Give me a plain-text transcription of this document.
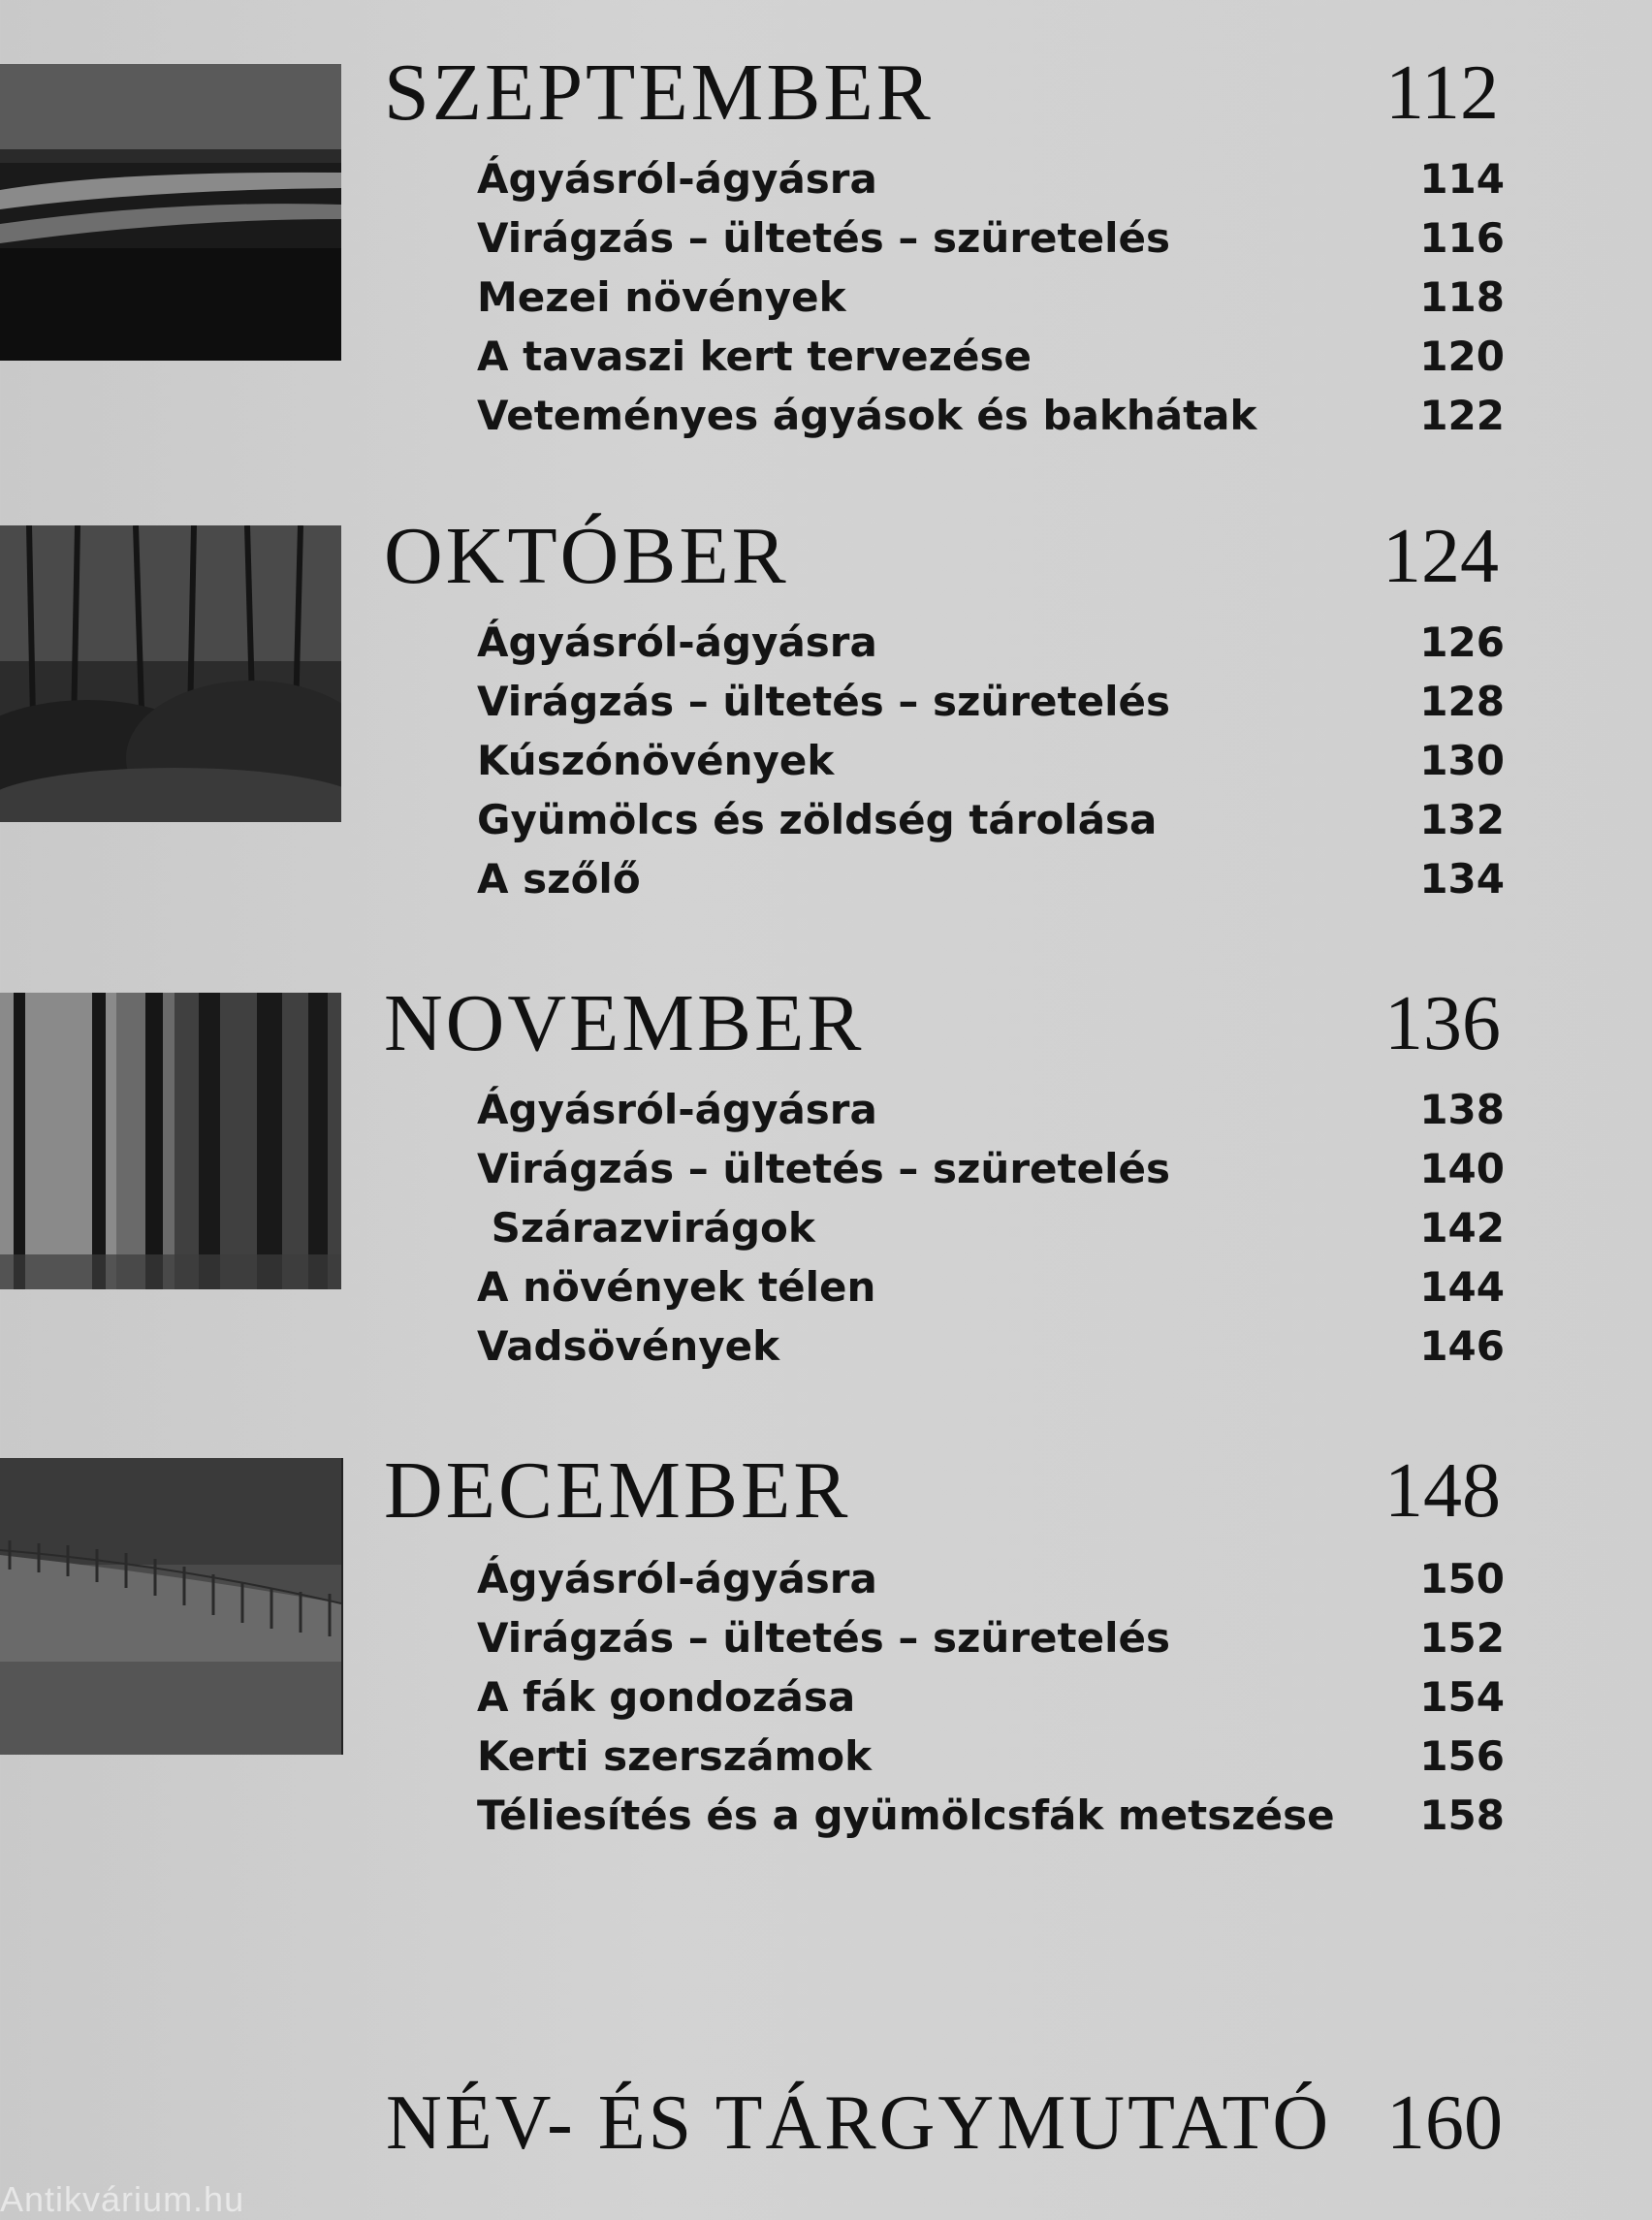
SZEPTEMBER	112
Ágyásról-ágyásra	114
Virágzás – ültetés – szüretelés	116
Mezei növények	118
A tavaszi kert tervezése	120
Veteményes ágyások és bakhátak	122
OKTÓBER	124
Ágyásról-ágyásra	126
Virágzás – ültetés – szüretelés	128
Kúszónövények	130
Gyümölcs és zöldség tárolása	132
A szőlő	134
NOVEMBER	136
Ágyásról-ágyásra	138
Virágzás – ültetés – szüretelés	140
Szárazvirágok	142
A növények télen	144
Vadsövények	146
DECEMBER	148
Ágyásról-ágyásra	150
Virágzás – ültetés – szüretelés	152
A fák gondozása	154
Kerti szerszámok	156
Téliesítés és a gyümölcsfák metszése 158
NÉV- ÉS TÁRGYMUTATÓ 160
Antikvárium.hu
